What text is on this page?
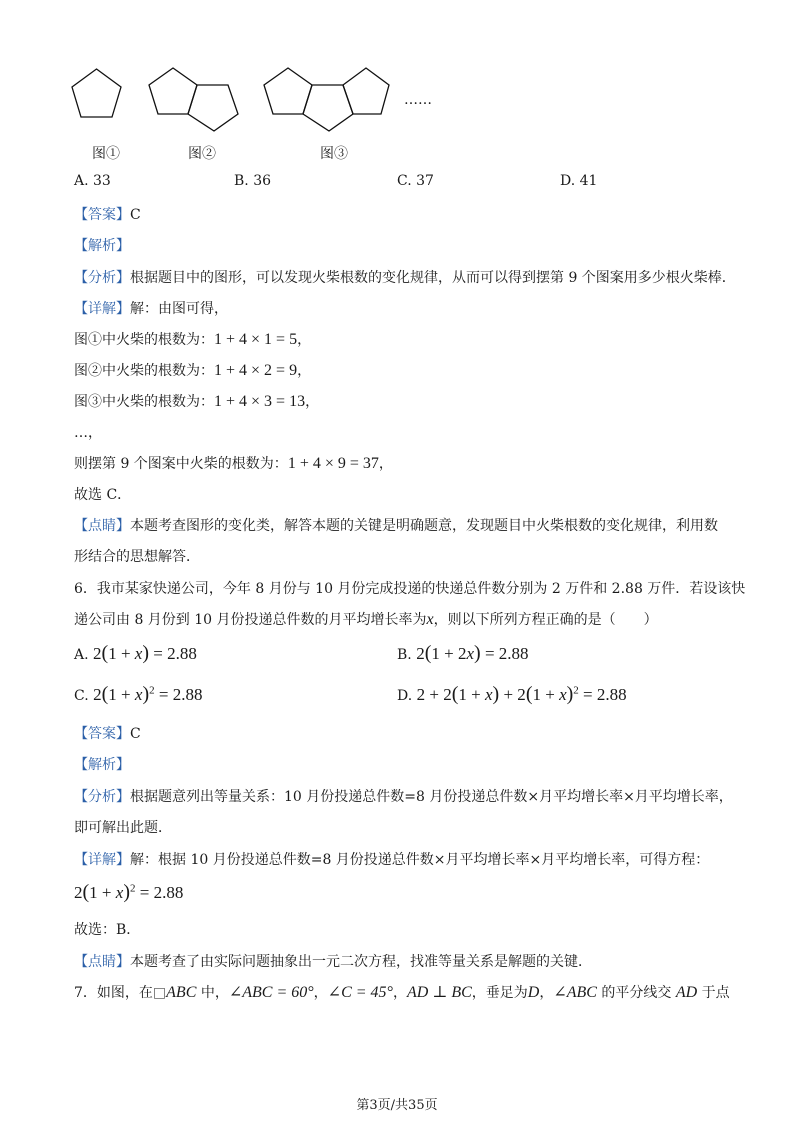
……
图①	图②	图③
A. 33	B. 36	C. 37	D. 41
【答案】C
【解析】
【分析】根据题目中的图形，可以发现火柴根数的变化规律，从而可以得到摆第 9 个图案用多少根火柴棒．
【详解】解：由图可得，
图①中火柴的根数为：1 + 4 × 1 = 5，
图②中火柴的根数为：1 + 4 × 2 = 9，
图③中火柴的根数为：1 + 4 × 3 = 13，
…，
则摆第 9 个图案中火柴的根数为：1 + 4 × 9 = 37，
故选 C．
【点睛】本题考查图形的变化类，解答本题的关键是明确题意，发现题目中火柴根数的变化规律，利用数
形结合的思想解答．
6．我市某家快递公司，今年 8 月份与 10 月份完成投递的快递总件数分别为 2 万件和 2.88 万件．若设该快
递公司由 8 月份到 10 月份投递总件数的月平均增长率为x，则以下所列方程正确的是（　　）
A. 2(1 + x) = 2.88	B. 2(1 + 2x) = 2.88
C. $2(1 + x)^2 = 2.88$	D. $2 + 2(1 + x) + 2(1 + x)^2 = 2.88$
【答案】C
【解析】
【分析】根据题意列出等量关系：10 月份投递总件数=8 月份投递总件数×月平均增长率×月平均增长率，
即可解出此题．
【详解】解：根据 10 月份投递总件数=8 月份投递总件数×月平均增长率×月平均增长率，可得方程：
$2(1 + x)^2 = 2.88$
故选：B．
【点睛】本题考查了由实际问题抽象出一元二次方程，找准等量关系是解题的关键．
7．如图，在□ABC 中，∠ABC = 60°，∠C = 45°，AD ⊥ BC，垂足为D，∠ABC 的平分线交 AD 于点
第3页/共35页
